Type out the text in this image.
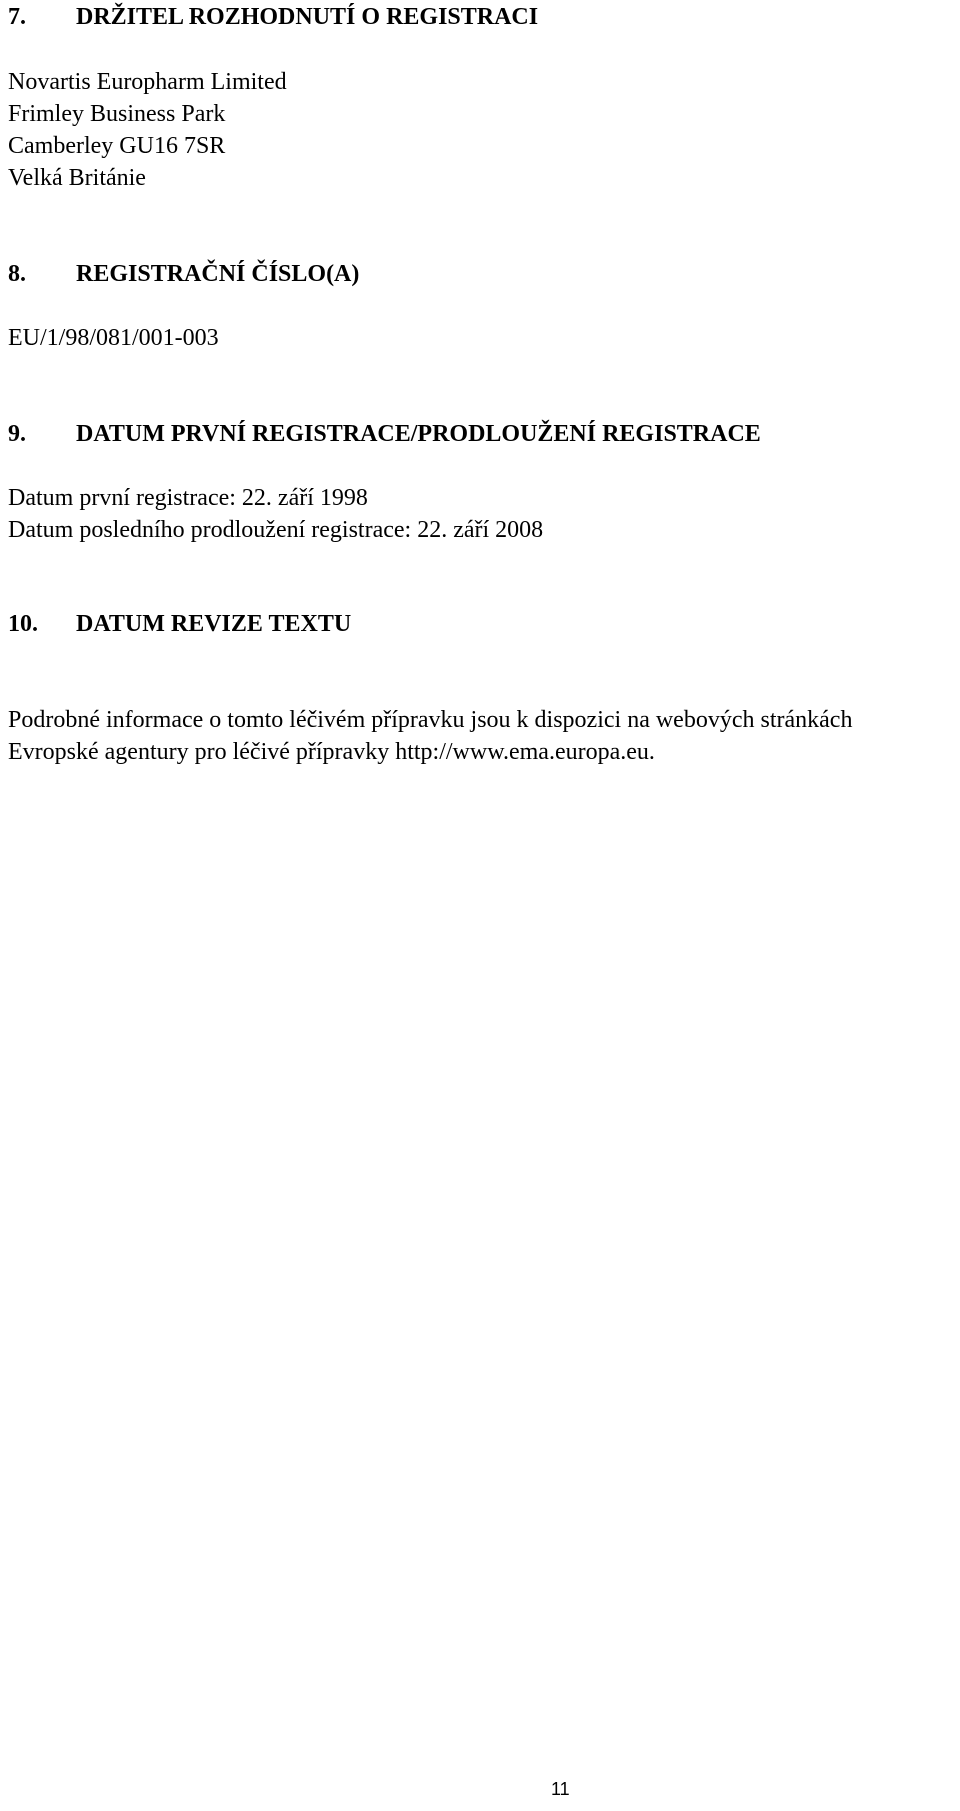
7. DRŽITEL ROZHODNUTÍ O REGISTRACI
Novartis Europharm Limited
Frimley Business Park
Camberley GU16 7SR
Velká Británie
8. REGISTRAČNÍ ČÍSLO(A)
EU/1/98/081/001-003
9. DATUM PRVNÍ REGISTRACE/PRODLOUŽENÍ REGISTRACE
Datum první registrace: 22. září 1998
Datum posledního prodloužení registrace: 22. září 2008
10. DATUM REVIZE TEXTU
Podrobné informace o tomto léčivém přípravku jsou k dispozici na webových stránkách
Evropské agentury pro léčivé přípravky http://www.ema.europa.eu.
11
